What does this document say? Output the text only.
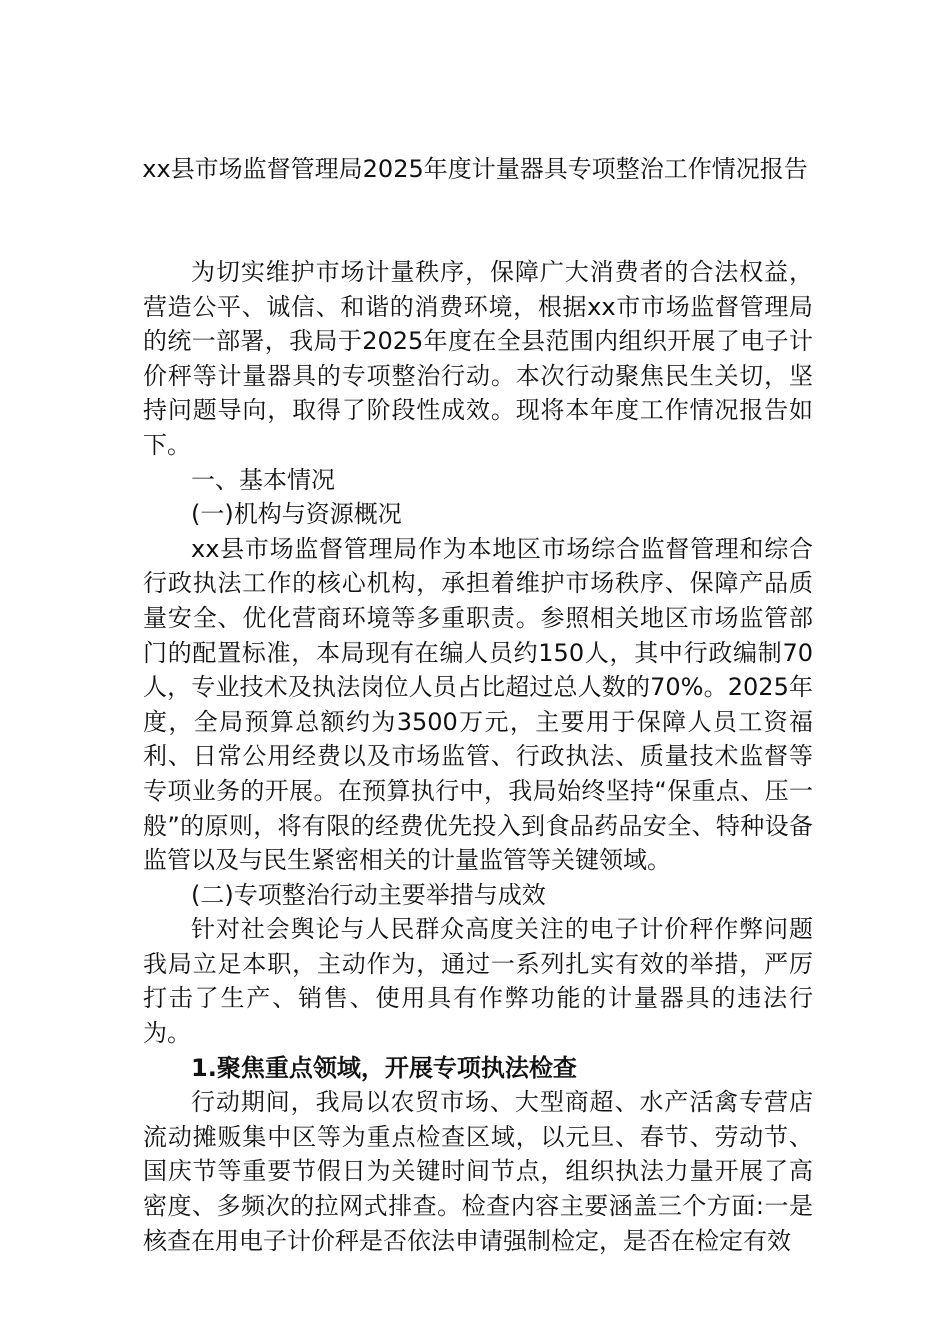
xx县市场监督管理局2025年度计量器具专项整治工作情况报告

为切实维护市场计量秩序，保障广大消费者的合法权益，营造公平、诚信、和谐的消费环境，根据xx市市场监督管理局的统一部署，我局于2025年度在全县范围内组织开展了电子计价秤等计量器具的专项整治行动。本次行动聚焦民生关切，坚持问题导向，取得了阶段性成效。现将本年度工作情况报告如下。

一、基本情况

(一)机构与资源概况

xx县市场监督管理局作为本地区市场综合监督管理和综合行政执法工作的核心机构，承担着维护市场秩序、保障产品质量安全、优化营商环境等多重职责。参照相关地区市场监管部门的配置标准，本局现有在编人员约150人，其中行政编制70人，专业技术及执法岗位人员占比超过总人数的70%。2025年度，全局预算总额约为3500万元，主要用于保障人员工资福利、日常公用经费以及市场监管、行政执法、质量技术监督等专项业务的开展。在预算执行中，我局始终坚持“保重点、压一般”的原则，将有限的经费优先投入到食品药品安全、特种设备监管以及与民生紧密相关的计量监管等关键领域。

(二)专项整治行动主要举措与成效

针对社会舆论与人民群众高度关注的电子计价秤作弊问题我局立足本职，主动作为，通过一系列扎实有效的举措，严厉打击了生产、销售、使用具有作弊功能的计量器具的违法行为。

1.聚焦重点领域，开展专项执法检查

行动期间，我局以农贸市场、大型商超、水产活禽专营店流动摊贩集中区等为重点检查区域，以元旦、春节、劳动节、国庆节等重要节假日为关键时间节点，组织执法力量开展了高密度、多频次的拉网式排查。检查内容主要涵盖三个方面:一是核查在用电子计价秤是否依法申请强制检定，是否在检定有效
